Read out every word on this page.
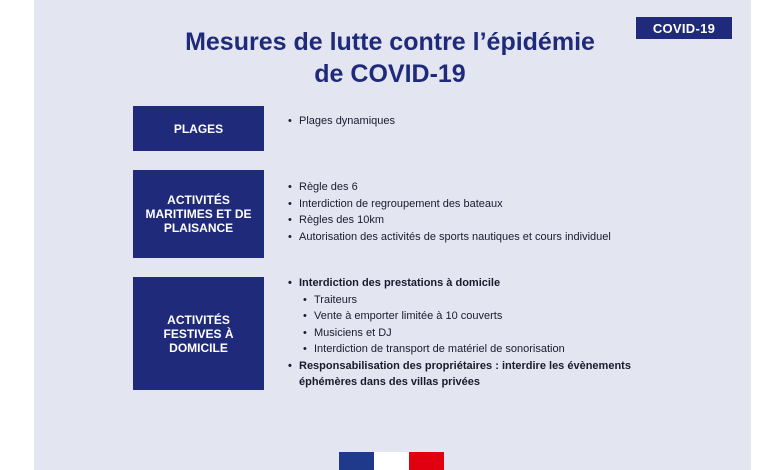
COVID-19
Mesures de lutte contre l’épidémie de COVID-19
PLAGES
• Plages dynamiques
ACTIVITÉS MARITIMES ET DE PLAISANCE
• Règle des 6
• Interdiction de regroupement des bateaux
• Règles des 10km
• Autorisation des activités de sports nautiques et cours individuel
ACTIVITÉS FESTIVES À DOMICILE
• Interdiction des prestations à domicile
• Traiteurs
• Vente à emporter limitée à 10 couverts
• Musiciens et DJ
• Interdiction de transport de matériel de sonorisation
• Responsabilisation des propriétaires : interdire les évènements éphémères dans des villas privées
